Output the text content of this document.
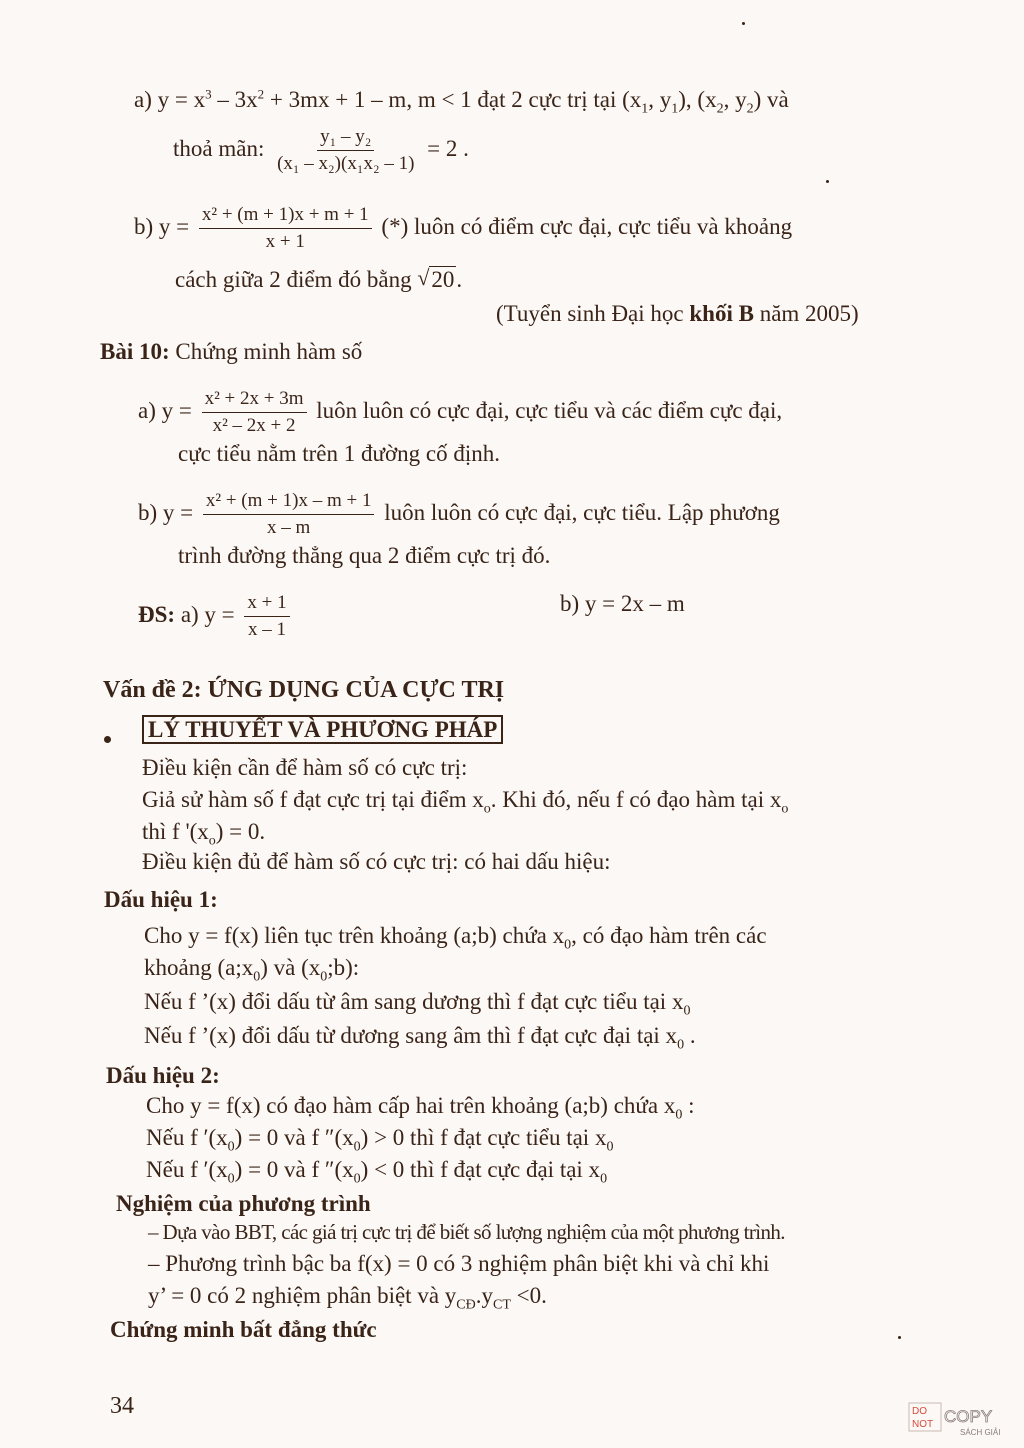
a) $y = x^3 - 3x^2 + 3mx + 1 - m$, m < 1 đạt 2 cực trị tại ($x_1$, $y_1$), ($x_2$, $y_2$) và
thoả mãn: $\frac{\text{y₁ – y₂}}{\text{(x₁ – x₂)(x₁x₂ – 1)}} = 2$ .
b) $y = \frac{\text{x² + (m + 1)x + m + 1}}{x + 1}$ (*) luôn có điểm cực đại, cực tiểu và khoảng
cách giữa 2 điểm đó bằng √ 20.
(Tuyển sinh Đại học khối B năm 2005)
Bài 10: Chứng minh hàm số
a) $y = \frac{\text{x² + 2x + 3m}}{\text{x² – 2x + 2}}$ luôn luôn có cực đại, cực tiểu và các điểm cực đại,
cực tiểu nằm trên 1 đường cố định.
b) $y = \frac{\text{x² + (m + 1)x – m + 1}}{x - m}$ luôn luôn có cực đại, cực tiểu. Lập phương
trình đường thẳng qua 2 điểm cực trị đó.
ĐS: a) $y = \frac{x + 1}{x - 1}$	b) y = 2x – m
Vấn đề 2: ỨNG DỤNG CỦA CỰC TRỊ
LÝ THUYẾT VÀ PHƯƠNG PHÁP
Điều kiện cần để hàm số có cực trị:
Giả sử hàm số f đạt cực trị tại điểm $x_o$. Khi đó, nếu f có đạo hàm tại $x_o$
thì f '$(x_o) = 0$.
Điều kiện đủ để hàm số có cực trị: có hai dấu hiệu:
Dấu hiệu 1:
Cho y = f(x) liên tục trên khoảng (a;b) chứa $x_0$, có đạo hàm trên các
khoảng $(a;x_0)$ và $(x_0;b)$:
Nếu f ’(x) đổi dấu từ âm sang dương thì f đạt cực tiểu tại $x_0$
Nếu f ’(x) đổi dấu từ dương sang âm thì f đạt cực đại tại $x_0$ .
Dấu hiệu 2:
Cho y = f(x) có đạo hàm cấp hai trên khoảng (a;b) chứa $x_0$ :
Nếu f $'(x_0) = 0$ và f $''(x_0) > 0$ thì f đạt cực tiểu tại $x_0$
Nếu f $'(x_0) = 0$ và f $''(x_0) < 0$ thì f đạt cực đại tại $x_0$
Nghiệm của phương trình
– Dựa vào BBT, các giá trị cực trị để biết số lượng nghiệm của một phương trình.
– Phương trình bậc ba f(x) = 0 có 3 nghiệm phân biệt khi và chỉ khi
y’ = 0 có 2 nghiệm phân biệt và $y_{CĐ}.y_{CT} <0$.
Chứng minh bất đẳng thức
34	DO
NOT COPY
SÁCH GIẢI
